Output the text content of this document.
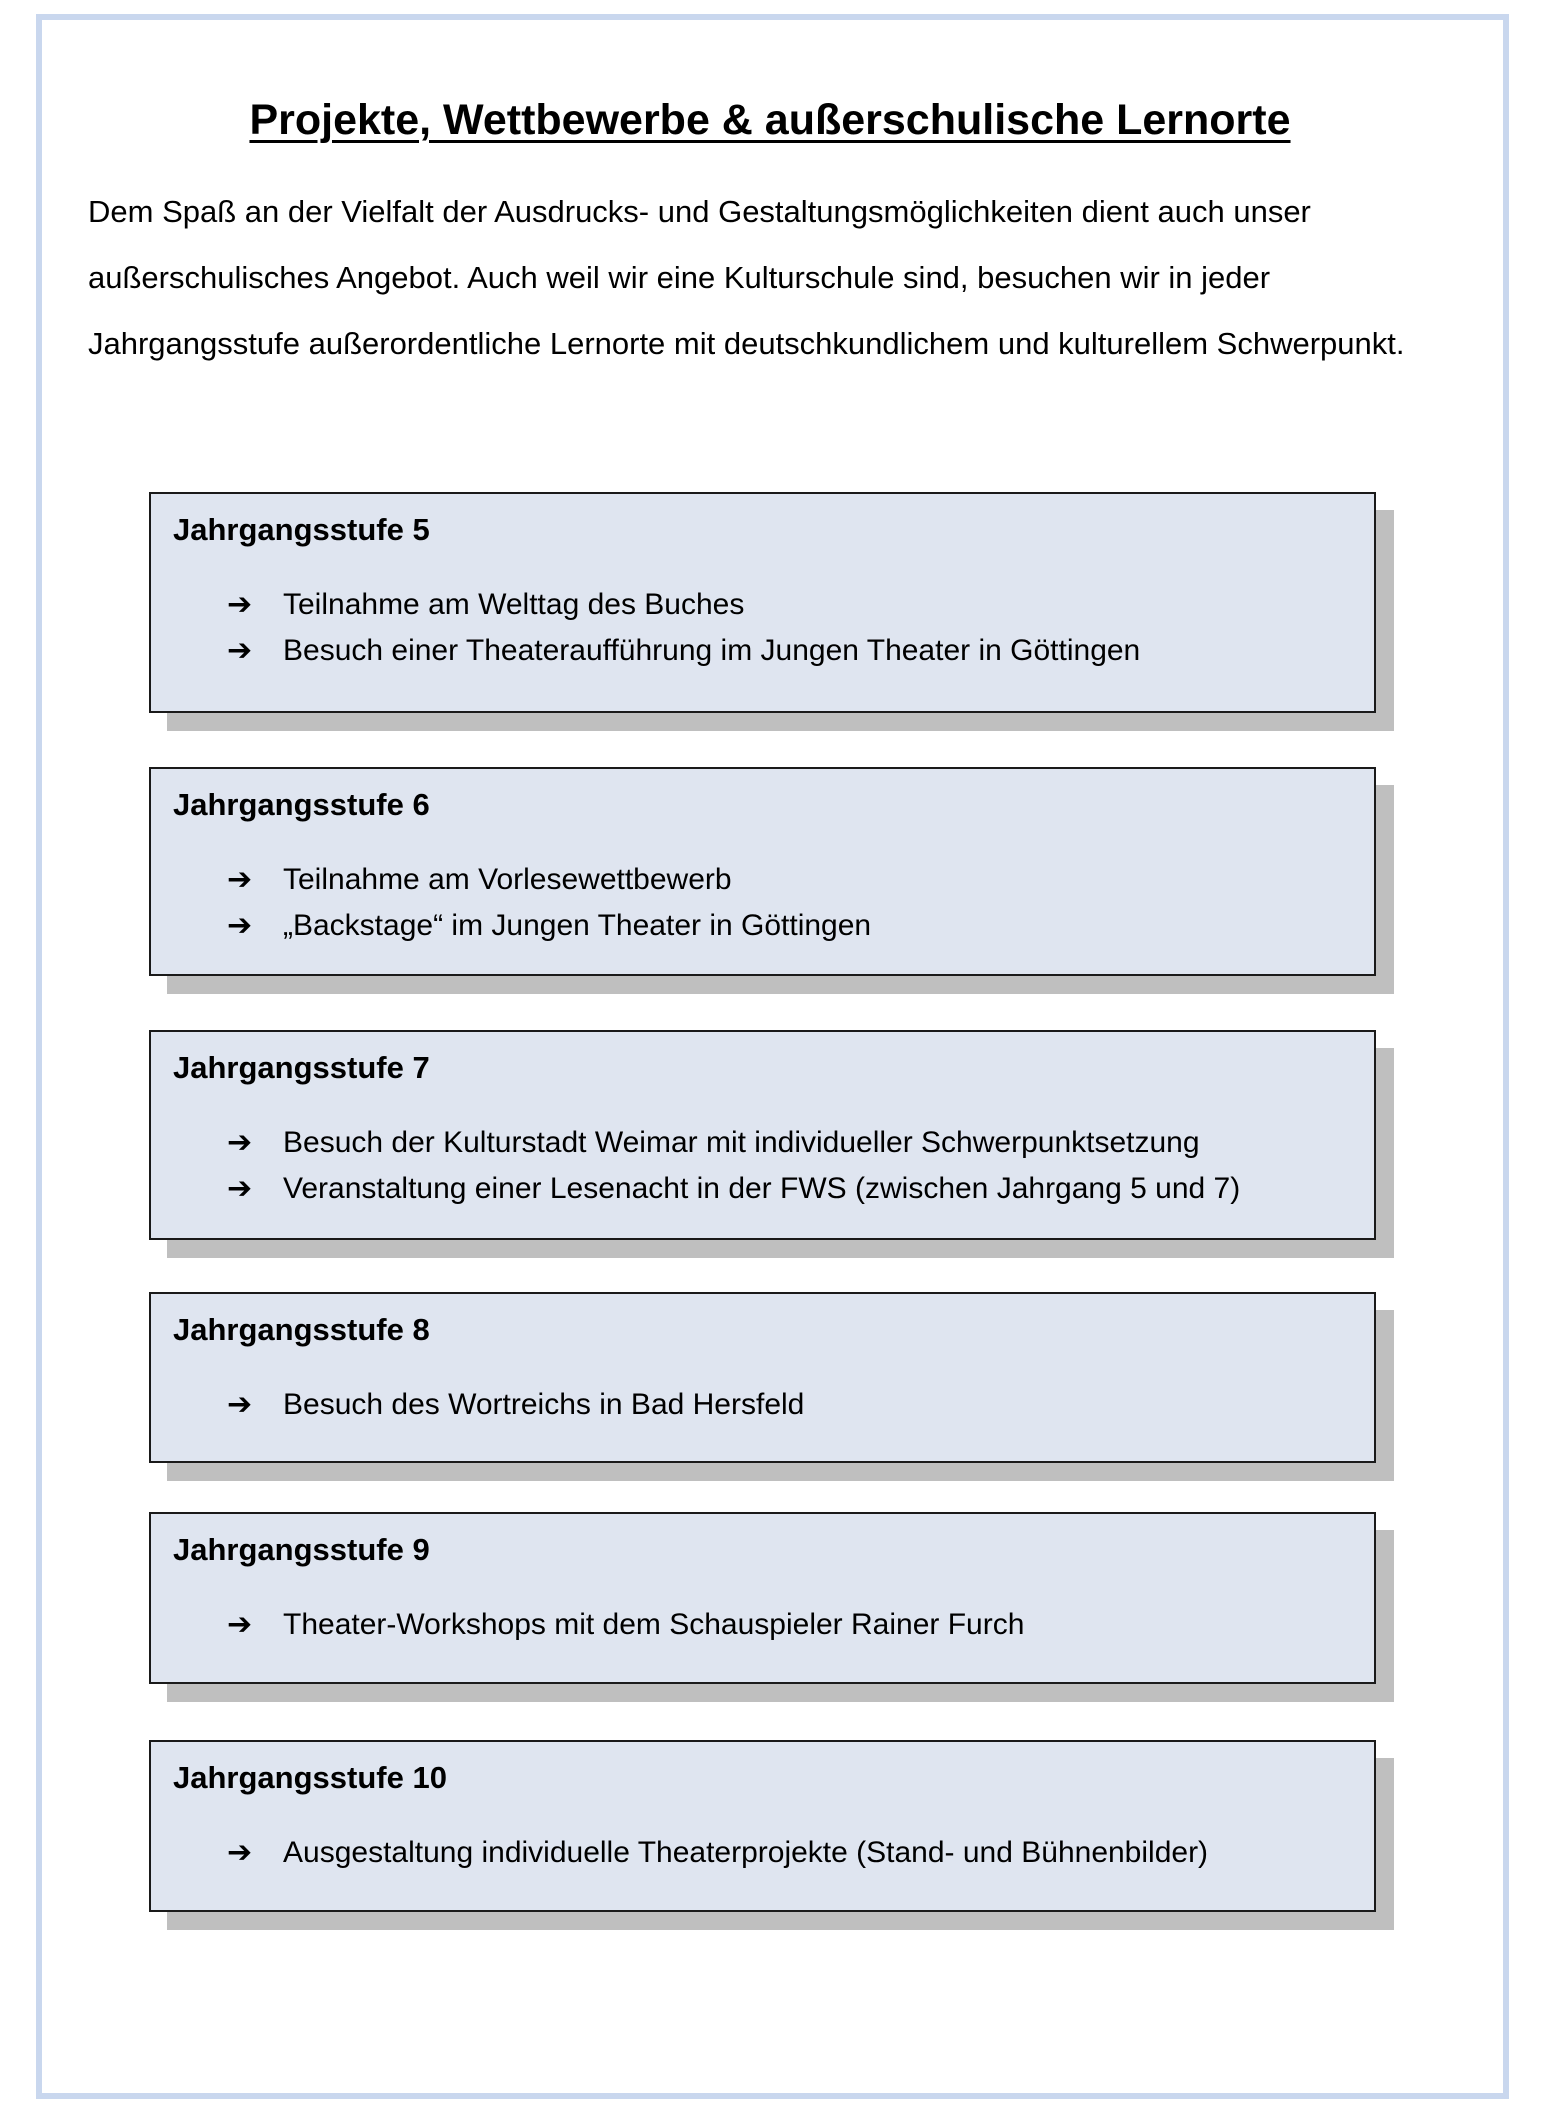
Projekte, Wettbewerbe & außerschulische Lernorte

Dem Spaß an der Vielfalt der Ausdrucks- und Gestaltungsmöglichkeiten dient auch unser außerschulisches Angebot. Auch weil wir eine Kulturschule sind, besuchen wir in jeder Jahrgangsstufe außerordentliche Lernorte mit deutschkundlichem und kulturellem Schwerpunkt.

Jahrgangsstufe 5
➔	Teilnahme am Welttag des Buches
➔	Besuch einer Theateraufführung im Jungen Theater in Göttingen
Jahrgangsstufe 6
➔	Teilnahme am Vorlesewettbewerb
➔	„Backstage“ im Jungen Theater in Göttingen
Jahrgangsstufe 7
➔	Besuch der Kulturstadt Weimar mit individueller Schwerpunktsetzung
➔	Veranstaltung einer Lesenacht in der FWS (zwischen Jahrgang 5 und 7)
Jahrgangsstufe 8
➔	Besuch des Wortreichs in Bad Hersfeld
Jahrgangsstufe 9
➔	Theater-Workshops mit dem Schauspieler Rainer Furch
Jahrgangsstufe 10
➔	Ausgestaltung individuelle Theaterprojekte (Stand- und Bühnenbilder)
